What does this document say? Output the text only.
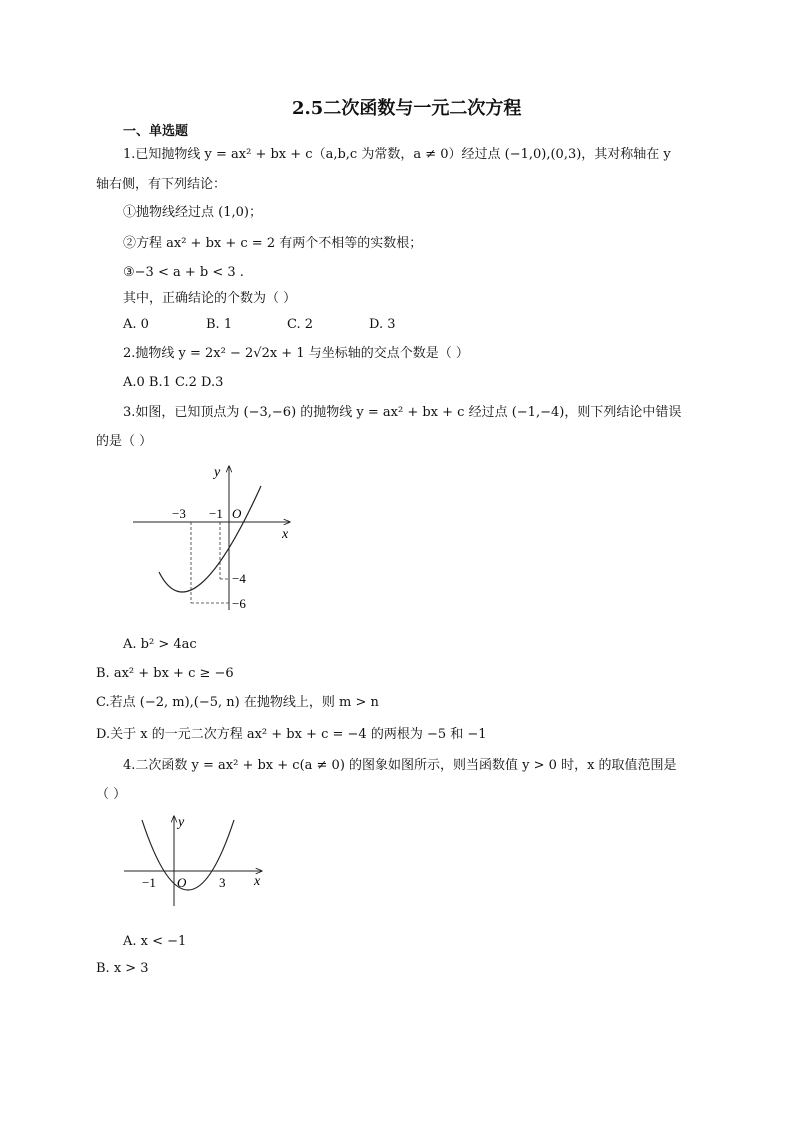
2.5二次函数与一元二次方程
一、单选题
1.已知抛物线 y = ax² + bx + c（a,b,c 为常数，a ≠ 0）经过点 (−1,0),(0,3)，其对称轴在 y
轴右侧，有下列结论：
①抛物线经过点 (1,0)；
②方程 ax² + bx + c = 2 有两个不相等的实数根；
③−3 < a + b < 3 .
其中，正确结论的个数为（ ）
A. 0	B. 1	C. 2	D. 3
2.抛物线 y = 2x² − 2√2x + 1 与坐标轴的交点个数是（ ）
A.0 B.1 C.2 D.3
3.如图，已知顶点为 (−3,−6) 的抛物线 y = ax² + bx + c 经过点 (−1,−4)，则下列结论中错误
的是（ ）
y
x
O
−3 −1
−4
−6
A. b² > 4ac
B. ax² + bx + c ≥ −6
C.若点 (−2, m),(−5, n) 在抛物线上，则 m > n
D.关于 x 的一元二次方程 ax² + bx + c = −4 的两根为 −5 和 −1
4.二次函数 y = ax² + bx + c(a ≠ 0) 的图象如图所示，则当函数值 y > 0 时，x 的取值范围是
（ ）
y
x
O
−1	3
A. x < −1
B. x > 3
